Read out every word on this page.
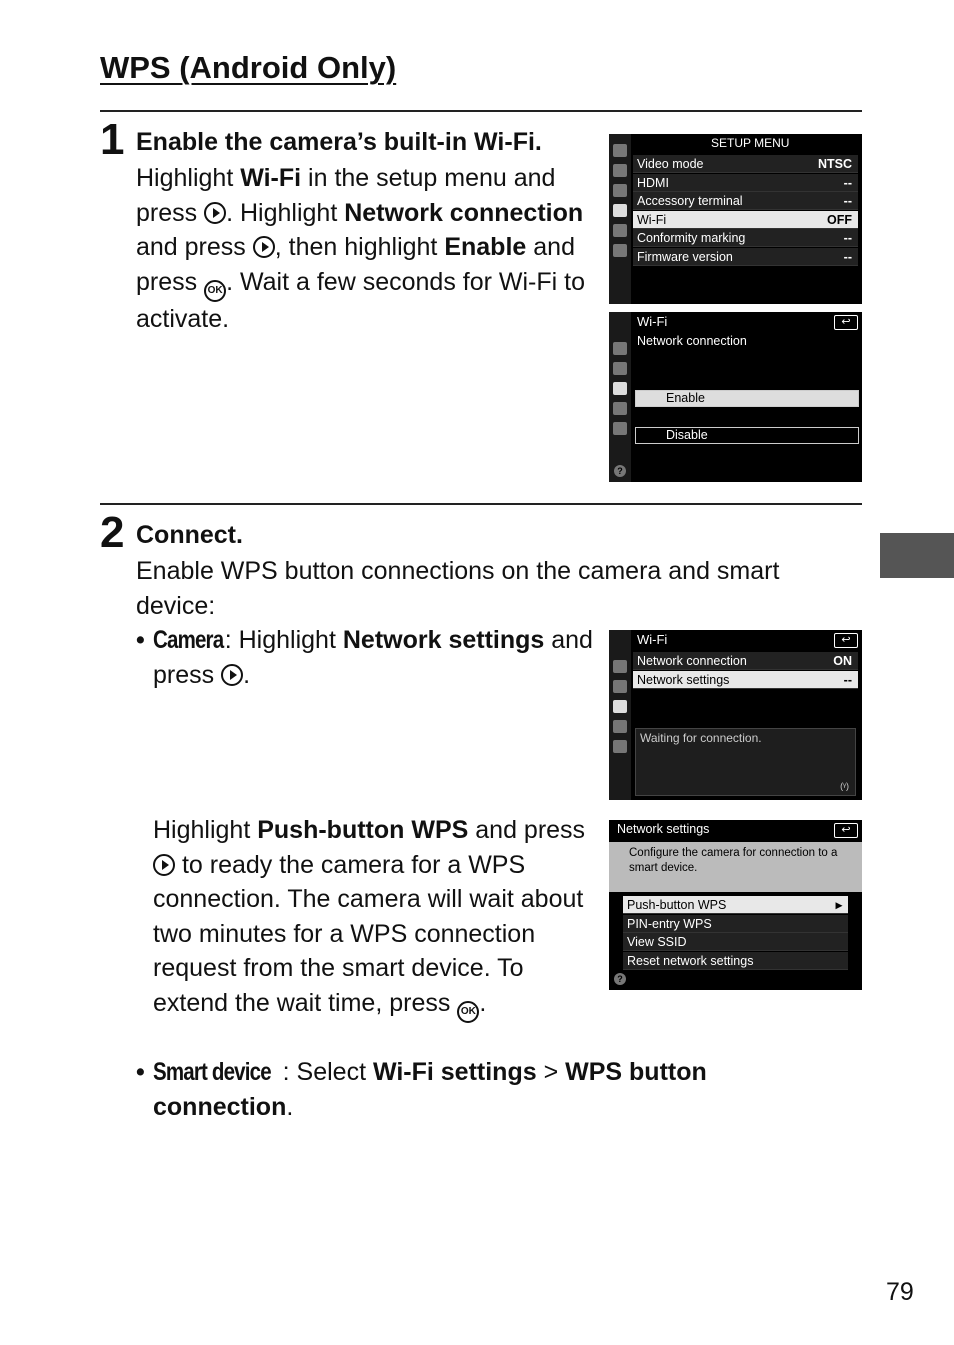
WPS (Android Only)
1 Enable the camera’s built-in Wi-Fi.
Highlight Wi-Fi in the setup menu and press . Highlight Network connection and press , then highlight Enable and press OK . Wait a few seconds for Wi-Fi to activate.
SETUP MENU
Video mode	NTSC
HDMI	--
Accessory terminal	--
Wi-Fi	OFF
Conformity marking	--
Firmware version	--
Wi-Fi	↩
Network connection
Enable
Disable
?
2 Connect.
Enable WPS button connections on the camera and smart device:
• Camera: Highlight Network settings and press .
Highlight Push-button WPS and press  to ready the camera for a WPS connection. The camera will wait about two minutes for a WPS connection request from the smart device. To extend the wait time, press OK .
• Smart device : Select Wi-Fi settings > WPS button connection.
Wi-Fi	↩
Network connection	ON
Network settings	--
Waiting for connection.
(ᵞ)
Network settings	↩
Configure the camera for connection to a smart device.
Push-button WPS	▸
PIN-entry WPS
View SSID
Reset network settings
?
79
